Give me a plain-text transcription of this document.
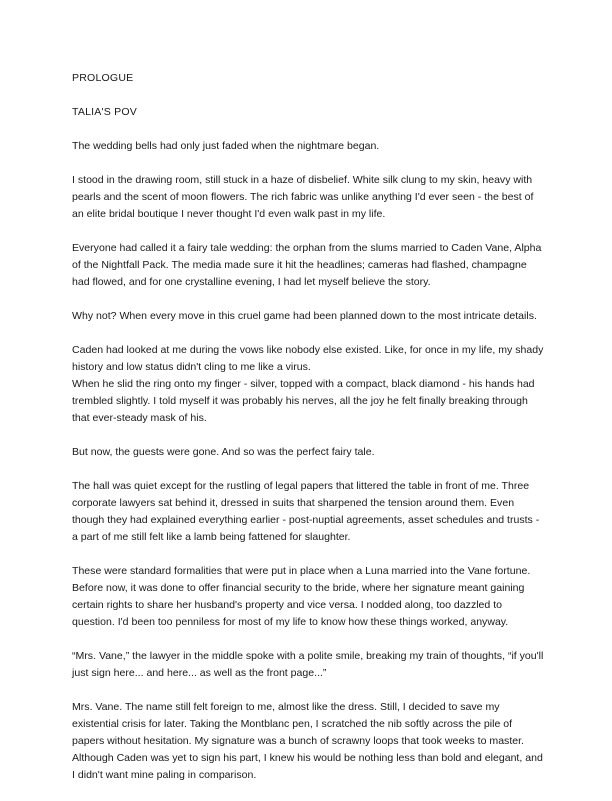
PROLOGUE

TALIA'S POV

The wedding bells had only just faded when the nightmare began.

I stood in the drawing room, still stuck in a haze of disbelief. White silk clung to my skin, heavy with pearls and the scent of moon flowers. The rich fabric was unlike anything I'd ever seen - the best of an elite bridal boutique I never thought I'd even walk past in my life.

Everyone had called it a fairy tale wedding: the orphan from the slums married to Caden Vane, Alpha of the Nightfall Pack. The media made sure it hit the headlines; cameras had flashed, champagne had flowed, and for one crystalline evening, I had let myself believe the story.

Why not? When every move in this cruel game had been planned down to the most intricate details.

Caden had looked at me during the vows like nobody else existed. Like, for once in my life, my shady history and low status didn't cling to me like a virus.

When he slid the ring onto my finger - silver, topped with a compact, black diamond - his hands had trembled slightly. I told myself it was probably his nerves, all the joy he felt finally breaking through that ever-steady mask of his.

But now, the guests were gone. And so was the perfect fairy tale.

The hall was quiet except for the rustling of legal papers that littered the table in front of me. Three corporate lawyers sat behind it, dressed in suits that sharpened the tension around them. Even though they had explained everything earlier - post-nuptial agreements, asset schedules and trusts - a part of me still felt like a lamb being fattened for slaughter.

These were standard formalities that were put in place when a Luna married into the Vane fortune. Before now, it was done to offer financial security to the bride, where her signature meant gaining certain rights to share her husband's property and vice versa. I nodded along, too dazzled to question. I'd been too penniless for most of my life to know how these things worked, anyway.

“Mrs. Vane,” the lawyer in the middle spoke with a polite smile, breaking my train of thoughts, “if you'll just sign here... and here... as well as the front page...”

Mrs. Vane. The name still felt foreign to me, almost like the dress. Still, I decided to save my existential crisis for later. Taking the Montblanc pen, I scratched the nib softly across the pile of papers without hesitation. My signature was a bunch of scrawny loops that took weeks to master. Although Caden was yet to sign his part, I knew his would be nothing less than bold and elegant, and I didn't want mine paling in comparison.
